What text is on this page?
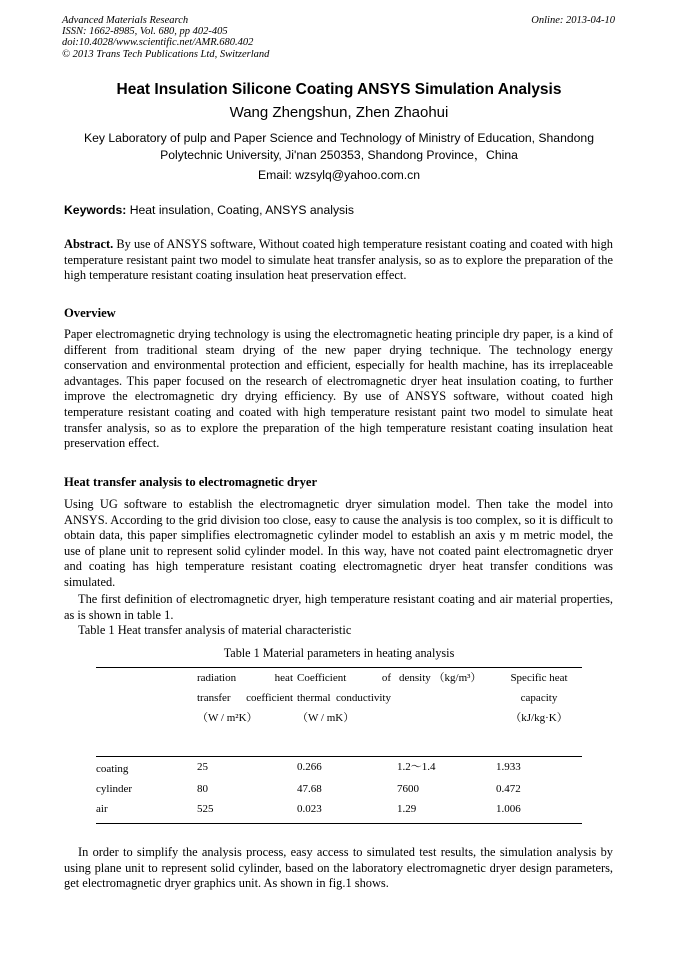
Advanced Materials Research
ISSN: 1662-8985, Vol. 680, pp 402-405
doi:10.4028/www.scientific.net/AMR.680.402
© 2013 Trans Tech Publications Ltd, Switzerland
Online: 2013-04-10
Heat Insulation Silicone Coating ANSYS Simulation Analysis
Wang Zhengshun, Zhen Zhaohui
Key Laboratory of pulp and Paper Science and Technology of Ministry of Education, Shandong Polytechnic University, Ji'nan 250353, Shandong Province，China
Email: wzsylq@yahoo.com.cn
Keywords: Heat insulation, Coating, ANSYS analysis
Abstract. By use of ANSYS software, Without coated high temperature resistant coating and coated with high temperature resistant paint two model to simulate heat transfer analysis, so as to explore the preparation of the high temperature resistant coating insulation heat preservation effect.
Overview
Paper electromagnetic drying technology is using the electromagnetic heating principle dry paper, is a kind of different from traditional steam drying of the new paper drying technique. The technology energy conservation and environmental protection and efficient, especially for health machine, has its irreplaceable advantages. This paper focused on the research of electromagnetic dryer heat insulation coating, to further improve the electromagnetic dry drying efficiency. By use of ANSYS software, without coated high temperature resistant coating and coated with high temperature resistant paint two model to simulate heat transfer analysis, so as to explore the preparation of the high temperature resistant coating insulation heat preservation effect.
Heat transfer analysis to electromagnetic dryer
Using UG software to establish the electromagnetic dryer simulation model. Then take the model into ANSYS. According to the grid division too close, easy to cause the analysis is too complex, so it is difficult to obtain data, this paper simplifies electromagnetic cylinder model to establish an axis y m metric model, the use of plane unit to represent solid cylinder model. In this way, have not coated paint electromagnetic dryer and coating has high temperature resistant coating electromagnetic dryer heat transfer conditions was simulated.
The first definition of electromagnetic dryer, high temperature resistant coating and air material properties, as is shown in table 1.
Table 1 Heat transfer analysis of material characteristic
Table 1 Material parameters in heating analysis
	radiation heat transfer coefficient（W / m²K）	Coefficient of thermal conductivity （W / mK）	density （kg/m³）	Specific heat capacity （kJ/kg·K）
coating	25	0.266	1.2～1.4	1.933
cylinder	80	47.68	7600	0.472
air	525	0.023	1.29	1.006
In order to simplify the analysis process, easy access to simulated test results, the simulation analysis by using plane unit to represent solid cylinder, based on the laboratory electromagnetic dryer design parameters, get electromagnetic dryer graphics unit. As shown in fig.1 shows.
